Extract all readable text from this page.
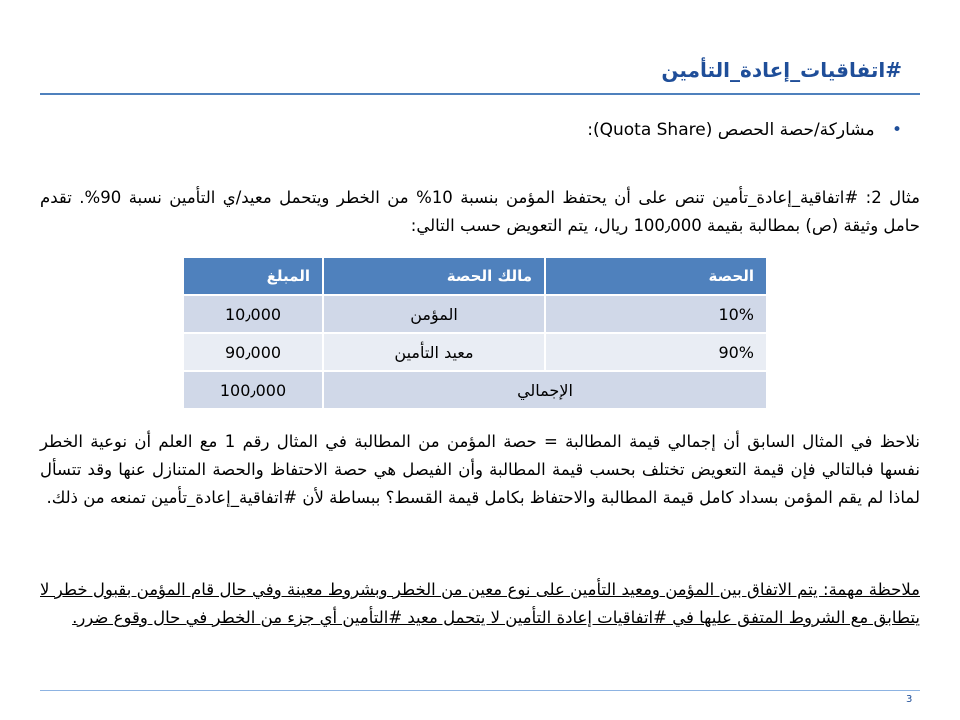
#اتفاقيات_إعادة_التأمين
• مشاركة/حصة الحصص (Quota Share):
مثال 2: #اتفاقية_إعادة_تأمين تنص على أن يحتفظ المؤمن بنسبة 10% من الخطر ويتحمل معيد/ي التأمين نسبة 90%. تقدم حامل وثيقة (ص) بمطالبة بقيمة 100٫000 ريال، يتم التعويض حسب التالي:
الحصة	مالك الحصة	المبلغ
10%	المؤمن	10٫000
90%	معيد التأمين	90٫000
الإجمالي		100٫000
نلاحظ في المثال السابق أن إجمالي قيمة المطالبة = حصة المؤمن من المطالبة في المثال رقم 1 مع العلم أن نوعية الخطر نفسها فبالتالي فإن قيمة التعويض تختلف بحسب قيمة المطالبة وأن الفيصل هي حصة الاحتفاظ والحصة المتنازل عنها وقد تتسأل لماذا لم يقم المؤمن بسداد كامل قيمة المطالبة والاحتفاظ بكامل قيمة القسط؟ ببساطة لأن #اتفاقية_إعادة_تأمين تمنعه من ذلك.
ملاحظة مهمة: يتم الاتفاق بين المؤمن ومعيد التأمين على نوع معين من الخطر وبشروط معينة وفي حال قام المؤمن بقبول خطر لا يتطابق مع الشروط المتفق عليها في #اتفاقيات إعادة التأمين لا يتحمل معيد #التأمين أي جزء من الخطر في حال وقوع ضرر.
3
